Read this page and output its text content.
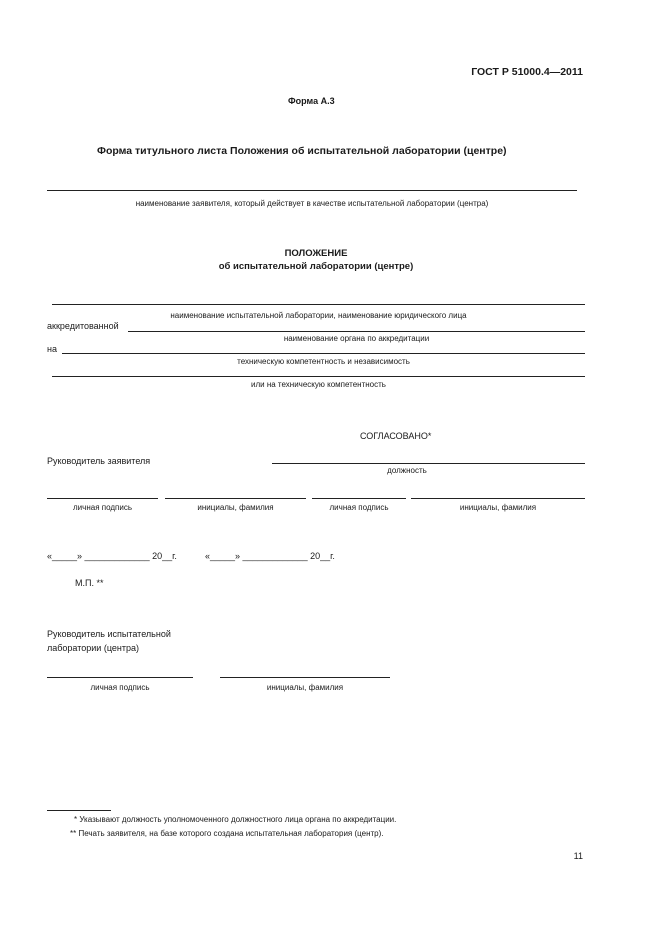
ГОСТ Р 51000.4—2011
Форма А.3
Форма титульного листа Положения об испытательной лаборатории (центре)
наименование заявителя, который действует в качестве испытательной лаборатории (центра)
ПОЛОЖЕНИЕ
об испытательной лаборатории (центре)
наименование испытательной лаборатории, наименование юридического лица
аккредитованной
наименование органа по аккредитации
на
техническую компетентность и независимость
или на техническую компетентность
СОГЛАСОВАНО*
Руководитель заявителя
должность
личная подпись	инициалы, фамилия	личная подпись	инициалы, фамилия
«_____» _____________ 20__г.	«_____» _____________ 20__г.
М.П. **
Руководитель испытательной
лаборатории (центра)
личная подпись	инициалы, фамилия
* Указывают должность уполномоченного должностного лица органа по аккредитации.
** Печать заявителя, на базе которого создана испытательная лаборатория (центр).
11
